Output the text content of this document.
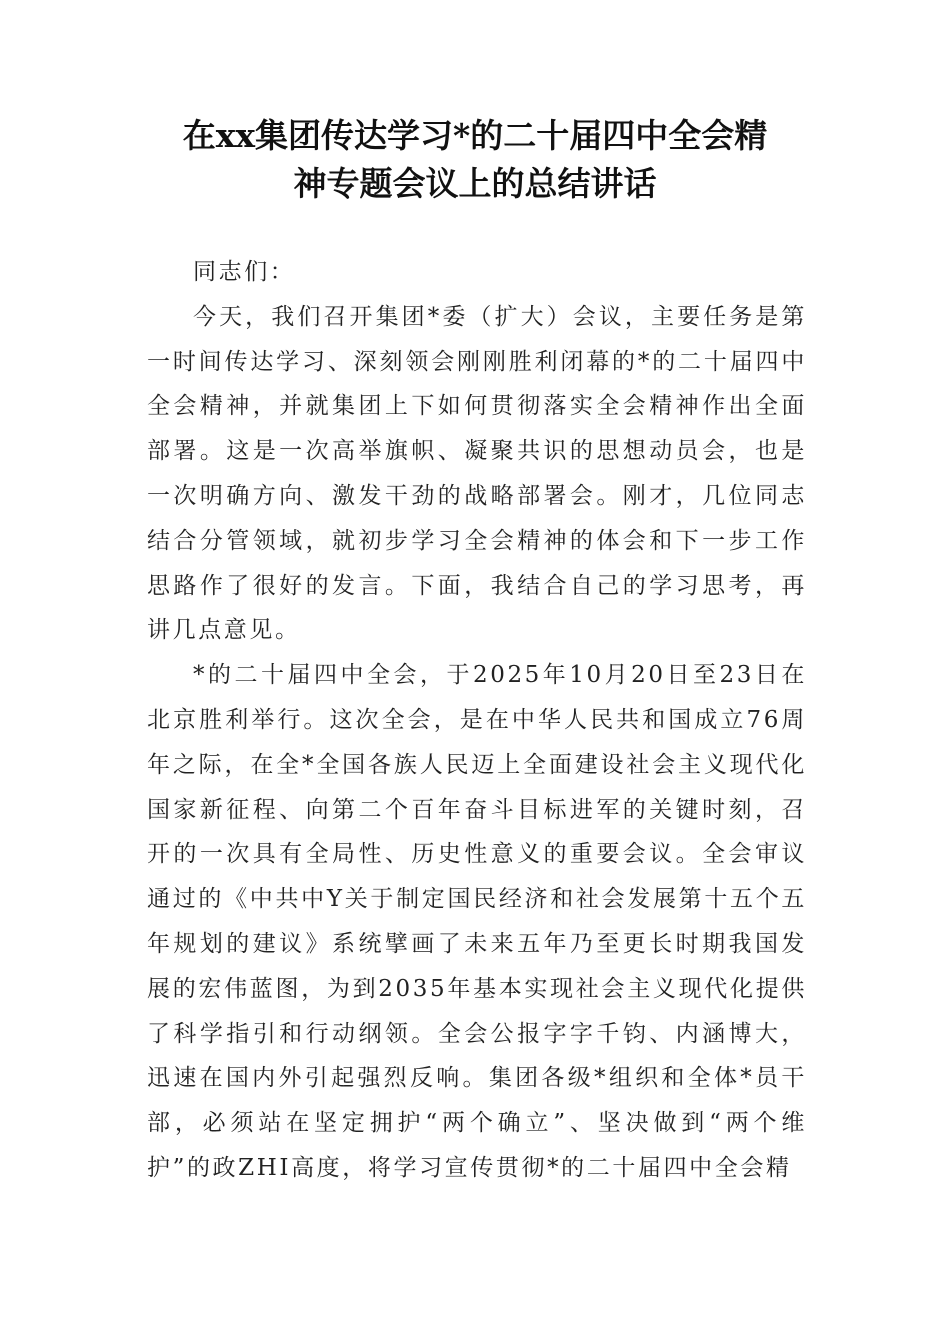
在xx集团传达学习*的二十届四中全会精
神专题会议上的总结讲话

同志们：

今天，我们召开集团*委（扩大）会议，主要任务是第一时间传达学习、深刻领会刚刚胜利闭幕的*的二十届四中全会精神，并就集团上下如何贯彻落实全会精神作出全面部署。这是一次高举旗帜、凝聚共识的思想动员会，也是一次明确方向、激发干劲的战略部署会。刚才，几位同志结合分管领域，就初步学习全会精神的体会和下一步工作思路作了很好的发言。下面，我结合自己的学习思考，再讲几点意见。

*的二十届四中全会，于2025年10月20日至23日在北京胜利举行。这次全会，是在中华人民共和国成立76周年之际，在全*全国各族人民迈上全面建设社会主义现代化国家新征程、向第二个百年奋斗目标进军的关键时刻，召开的一次具有全局性、历史性意义的重要会议。全会审议通过的《中共中Y关于制定国民经济和社会发展第十五个五年规划的建议》系统擘画了未来五年乃至更长时期我国发展的宏伟蓝图，为到2035年基本实现社会主义现代化提供了科学指引和行动纲领。全会公报字字千钧、内涵博大，迅速在国内外引起强烈反响。集团各级*组织和全体*员干部，必须站在坚定拥护“两个确立”、坚决做到“两个维护”的政ZHI高度，将学习宣传贯彻*的二十届四中全会精
